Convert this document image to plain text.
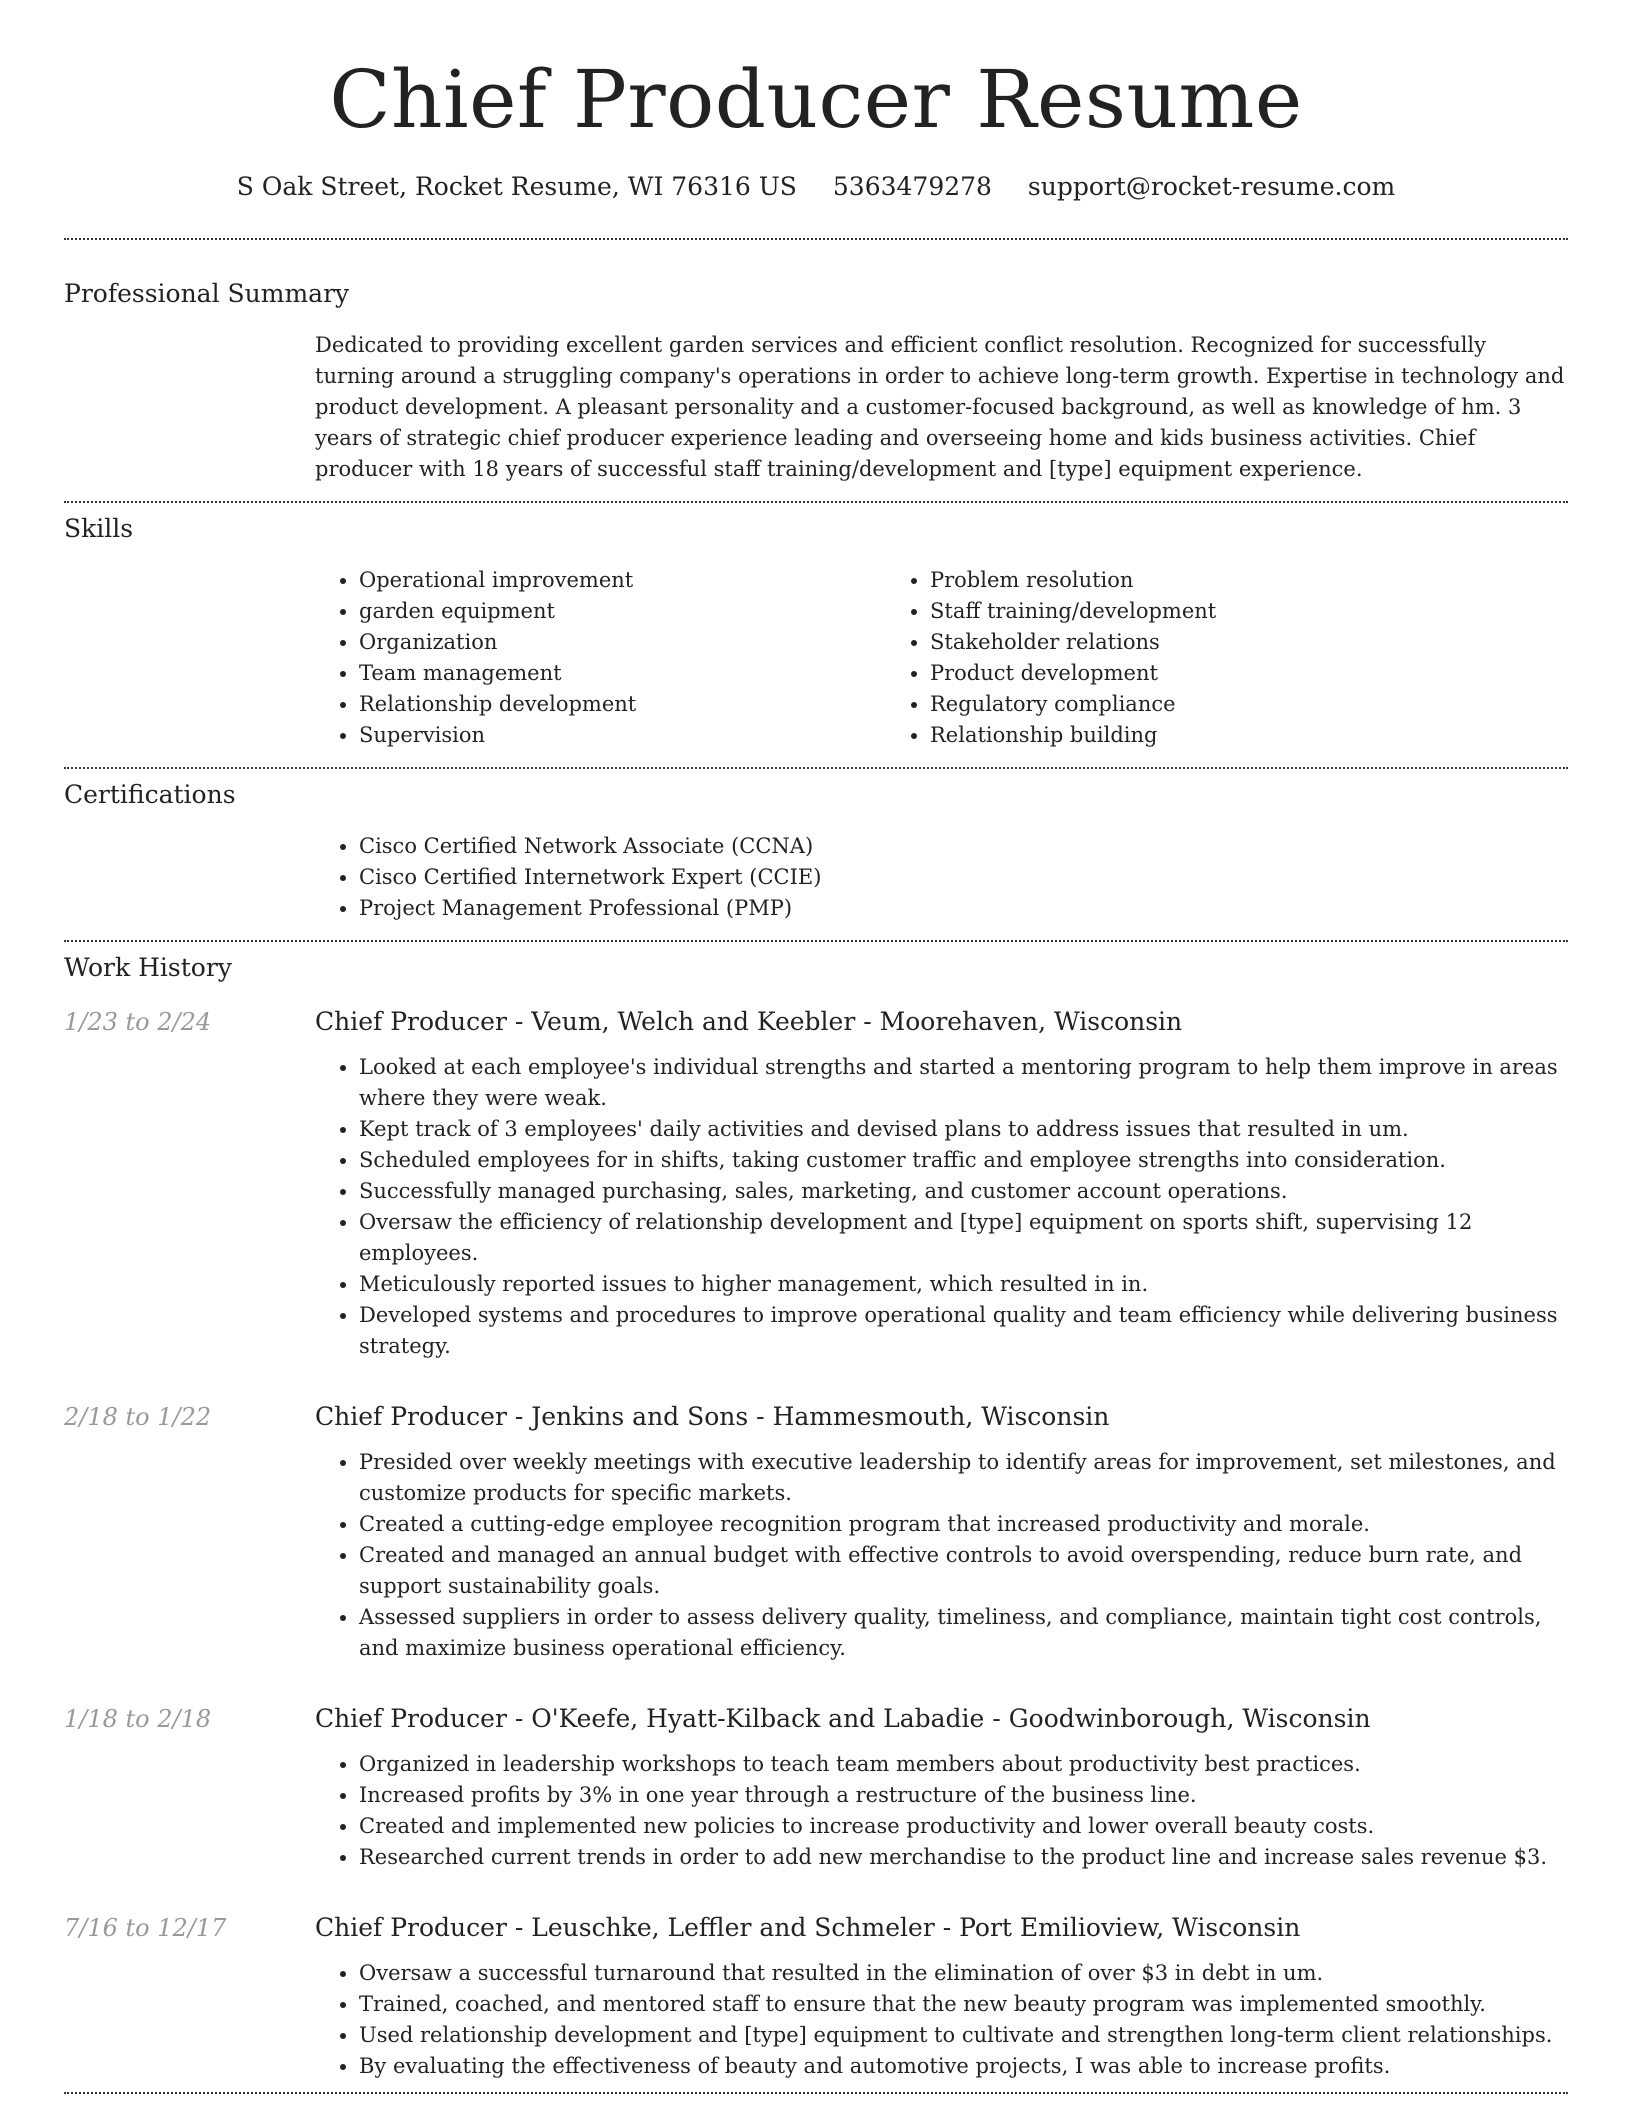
Chief Producer Resume
S Oak Street, Rocket Resume, WI 76316 US 5363479278 support@rocket-resume.com
Professional Summary

Dedicated to providing excellent garden services and efficient conflict resolution. Recognized for successfully turning around a struggling company's operations in order to achieve long-term growth. Expertise in technology and product development. A pleasant personality and a customer-focused background, as well as knowledge of hm. 3 years of strategic chief producer experience leading and overseeing home and kids business activities. Chief producer with 18 years of successful staff training/development and [type] equipment experience.

Skills
• Operational improvement
• garden equipment
• Organization
• Team management
• Relationship development
• Supervision
• Problem resolution
• Staff training/development
• Stakeholder relations
• Product development
• Regulatory compliance
• Relationship building
Certifications
• Cisco Certified Network Associate (CCNA)
• Cisco Certified Internetwork Expert (CCIE)
• Project Management Professional (PMP)
Work History
1/23 to 2/24	Chief Producer - Veum, Welch and Keebler - Moorehaven, Wisconsin
• Looked at each employee's individual strengths and started a mentoring program to help them improve in areas where they were weak.
• Kept track of 3 employees' daily activities and devised plans to address issues that resulted in um.
• Scheduled employees for in shifts, taking customer traffic and employee strengths into consideration.
• Successfully managed purchasing, sales, marketing, and customer account operations.
• Oversaw the efficiency of relationship development and [type] equipment on sports shift, supervising 12 employees.
• Meticulously reported issues to higher management, which resulted in in.
• Developed systems and procedures to improve operational quality and team efficiency while delivering business strategy.
2/18 to 1/22	Chief Producer - Jenkins and Sons - Hammesmouth, Wisconsin
• Presided over weekly meetings with executive leadership to identify areas for improvement, set milestones, and customize products for specific markets.
• Created a cutting-edge employee recognition program that increased productivity and morale.
• Created and managed an annual budget with effective controls to avoid overspending, reduce burn rate, and support sustainability goals.
• Assessed suppliers in order to assess delivery quality, timeliness, and compliance, maintain tight cost controls, and maximize business operational efficiency.
1/18 to 2/18	Chief Producer - O'Keefe, Hyatt-Kilback and Labadie - Goodwinborough, Wisconsin
• Organized in leadership workshops to teach team members about productivity best practices.
• Increased profits by 3% in one year through a restructure of the business line.
• Created and implemented new policies to increase productivity and lower overall beauty costs.
• Researched current trends in order to add new merchandise to the product line and increase sales revenue $3.
7/16 to 12/17	Chief Producer - Leuschke, Leffler and Schmeler - Port Emilioview, Wisconsin
• Oversaw a successful turnaround that resulted in the elimination of over $3 in debt in um.
• Trained, coached, and mentored staff to ensure that the new beauty program was implemented smoothly.
• Used relationship development and [type] equipment to cultivate and strengthen long-term client relationships.
• By evaluating the effectiveness of beauty and automotive projects, I was able to increase profits.
